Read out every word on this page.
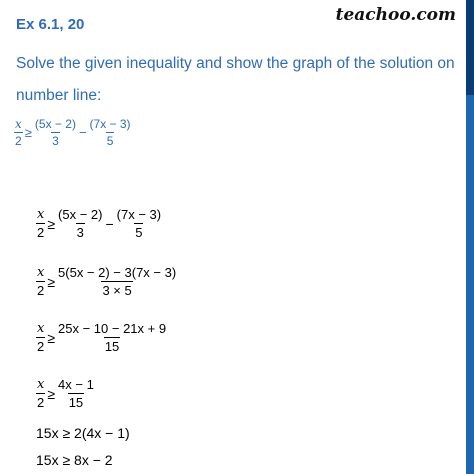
Ex 6.1, 20	teachoo.com
Solve the given inequality and show the graph of the solution on number line:
$\frac{x}{2} \ge \frac{(5x - 2)}{3} - \frac{(7x - 3)}{5}$
$\frac{x}{2} \ge \frac{(5x - 2)}{3} - \frac{(7x - 3)}{5}$
$\frac{x}{2} \ge \frac{5(5x - 2) - 3(7x - 3)}{3 \times 5}$
$\frac{x}{2} \ge \frac{25x - 10 - 21x + 9}{15}$
$\frac{x}{2} \ge \frac{4x - 1}{15}$
15x ≥ 2(4x − 1)
15x ≥ 8x − 2
